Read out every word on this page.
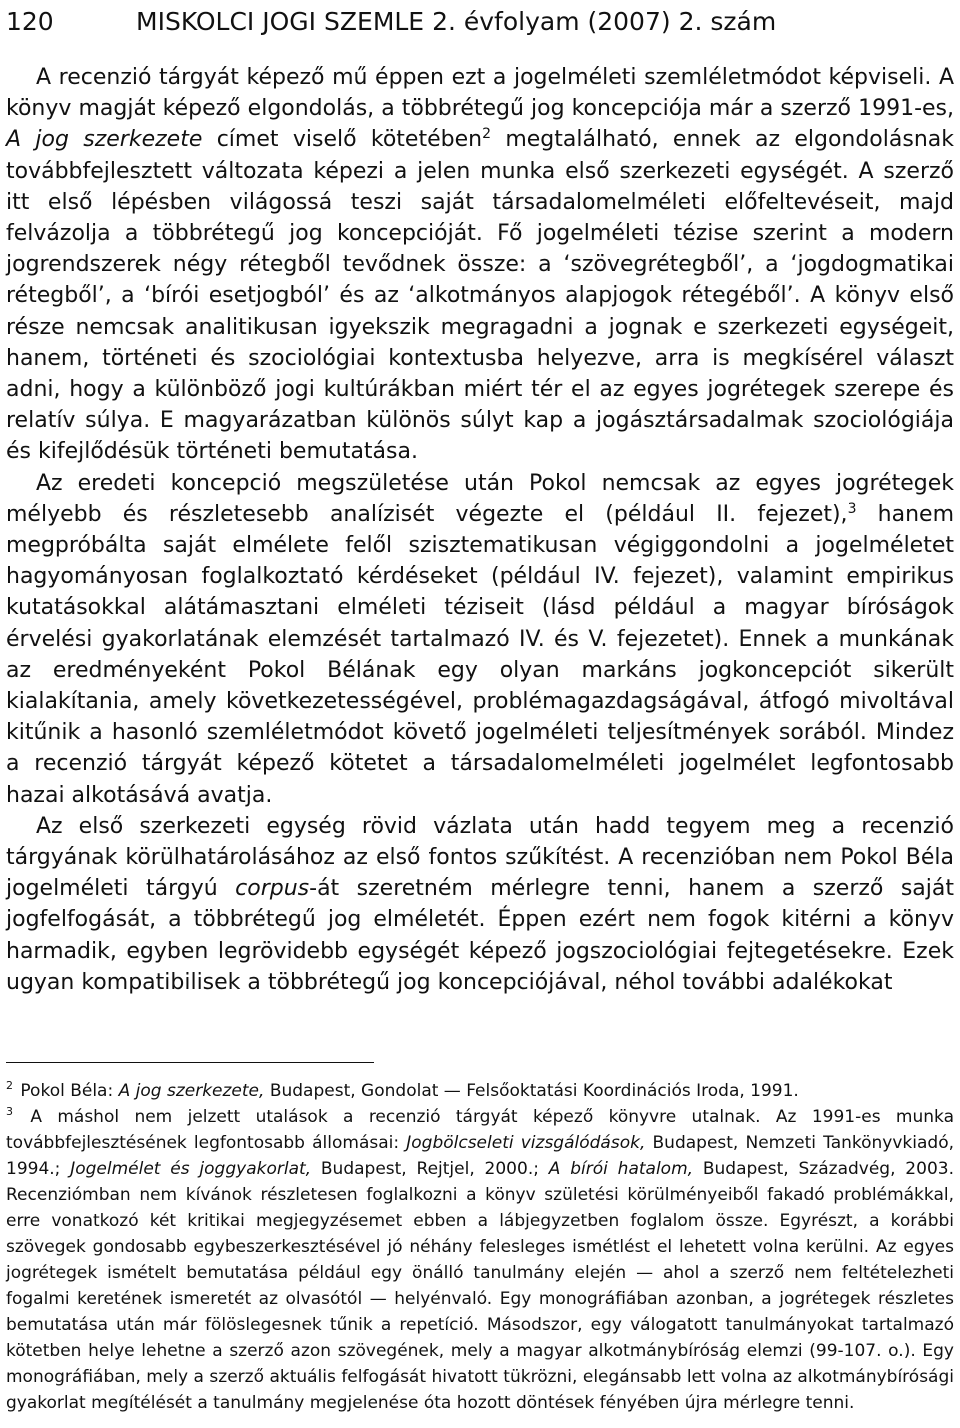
120	MISKOLCI JOGI SZEMLE 2. évfolyam (2007) 2. szám

A recenzió tárgyát képező mű éppen ezt a jogelméleti szemléletmódot képviseli. A könyv magját képező elgondolás, a többrétegű jog koncepciója már a szerző 1991-es, A jog szerkezete címet viselő kötetében$^2$ megtalálható, ennek az elgondolásnak továbbfejlesztett változata képezi a jelen munka első szerkezeti egységét. A szerző itt első lépésben világossá teszi saját társadalomelméleti előfeltevéseit, majd felvázolja a többrétegű jog koncepcióját. Fő jogelméleti tézise szerint a modern jogrendszerek négy rétegből tevődnek össze: a ‘szövegrétegből’, a ‘jogdogmatikai rétegből’, a ‘bírói esetjogból’ és az ‘alkotmányos alapjogok rétegéből’. A könyv első része nemcsak analitikusan igyekszik megragadni a jognak e szerkezeti egységeit, hanem, történeti és szociológiai kontextusba helyezve, arra is megkísérel választ adni, hogy a különböző jogi kultúrákban miért tér el az egyes jogrétegek szerepe és relatív súlya. E magyarázatban különös súlyt kap a jogásztársadalmak szociológiája és kifejlődésük történeti bemutatása.

Az eredeti koncepció megszületése után Pokol nemcsak az egyes jogrétegek mélyebb és részletesebb analízisét végezte el (például II. fejezet),$^3$ hanem megpróbálta saját elmélete felől szisztematikusan végiggondolni a jogelméletet hagyományosan foglalkoztató kérdéseket (például IV. fejezet), valamint empirikus kutatásokkal alátámasztani elméleti téziseit (lásd például a magyar bíróságok érvelési gyakorlatának elemzését tartalmazó IV. és V. fejezetet). Ennek a munkának az eredményeként Pokol Bélának egy olyan markáns jogkoncepciót sikerült kialakítania, amely következetességével, problémagazdagságával, átfogó mivoltával kitűnik a hasonló szemléletmódot követő jogelméleti teljesítmények sorából. Mindez a recenzió tárgyát képező kötetet a társadalomelméleti jogelmélet legfontosabb hazai alkotásává avatja.

Az első szerkezeti egység rövid vázlata után hadd tegyem meg a recenzió tárgyának körülhatárolásához az első fontos szűkítést. A recenzióban nem Pokol Béla jogelméleti tárgyú corpus-át szeretném mérlegre tenni, hanem a szerző saját jogfelfogását, a többrétegű jog elméletét. Éppen ezért nem fogok kitérni a könyv harmadik, egyben legrövidebb egységét képező jogszociológiai fejtegetésekre. Ezek ugyan kompatibilisek a többrétegű jog koncepciójával, néhol további adalékokat

$^2$ Pokol Béla: A jog szerkezete, Budapest, Gondolat — Felsőoktatási Koordinációs Iroda, 1991.

$^3$ A máshol nem jelzett utalások a recenzió tárgyát képező könyvre utalnak. Az 1991-es munka továbbfejlesztésének legfontosabb állomásai: Jogbölcseleti vizsgálódások, Budapest, Nemzeti Tankönyvkiadó, 1994.; Jogelmélet és joggyakorlat, Budapest, Rejtjel, 2000.; A bírói hatalom, Budapest, Századvég, 2003. Recenziómban nem kívánok részletesen foglalkozni a könyv születési körülményeiből fakadó problémákkal, erre vonatkozó két kritikai megjegyzésemet ebben a lábjegyzetben foglalom össze. Egyrészt, a korábbi szövegek gondosabb egybeszerkesztésével jó néhány felesleges ismétlést el lehetett volna kerülni. Az egyes jogrétegek ismételt bemutatása például egy önálló tanulmány elején — ahol a szerző nem feltételezheti fogalmi keretének ismeretét az olvasótól — helyénvaló. Egy monográfiában azonban, a jogrétegek részletes bemutatása után már fölöslegesnek tűnik a repetíció. Másodszor, egy válogatott tanulmányokat tartalmazó kötetben helye lehetne a szerző azon szövegének, mely a magyar alkotmánybíróság elemzi (99-107. o.). Egy monográfiában, mely a szerző aktuális felfogását hivatott tükrözni, elegánsabb lett volna az alkotmánybírósági gyakorlat megítélését a tanulmány megjelenése óta hozott döntések fényében újra mérlegre tenni.
